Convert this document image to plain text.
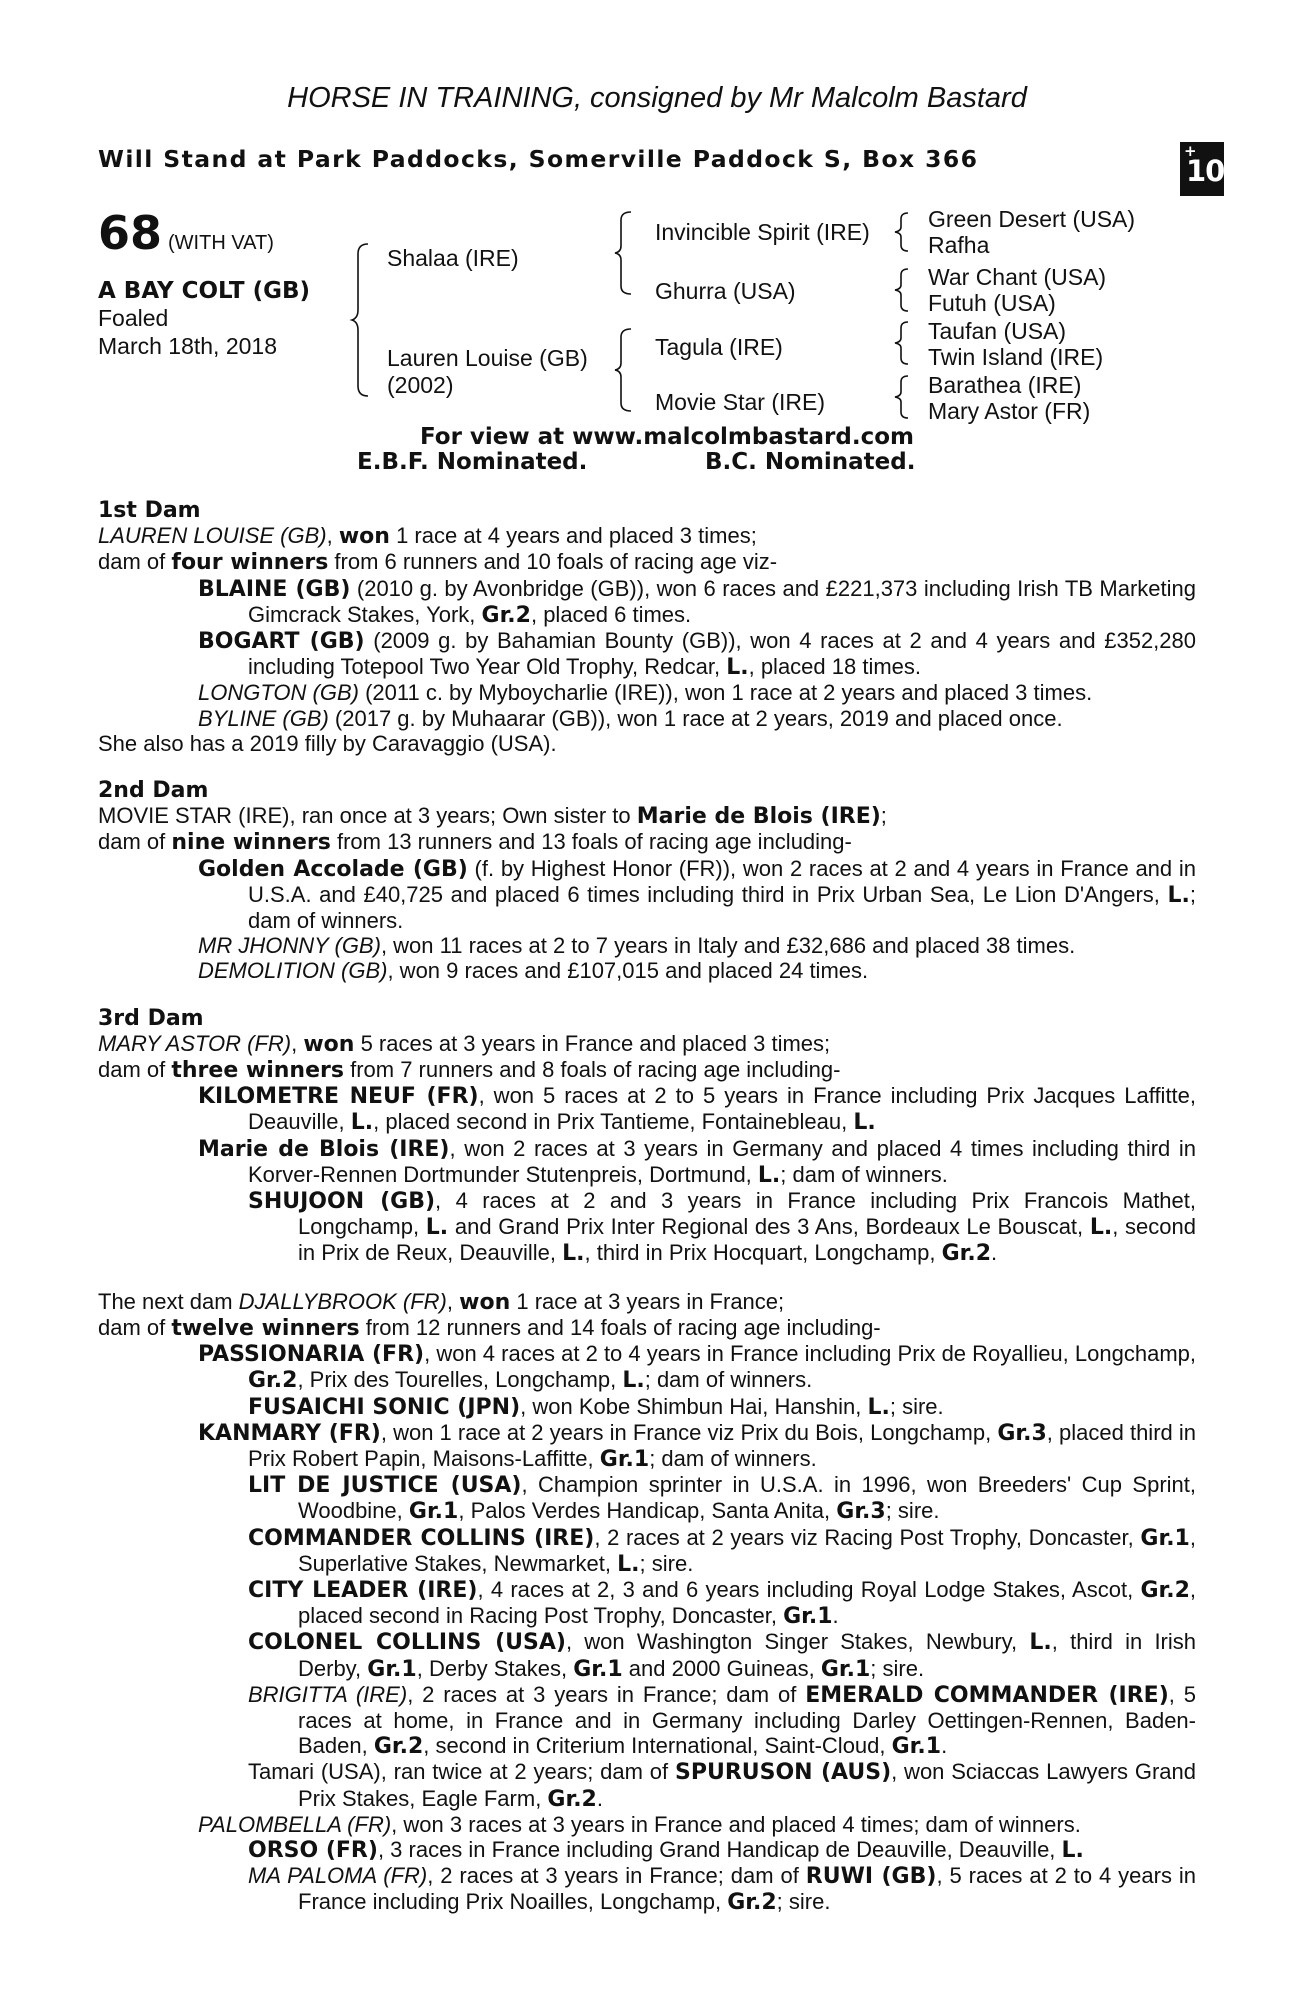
HORSE IN TRAINING, consigned by Mr Malcolm Bastard
Will Stand at Park Paddocks, Somerville Paddock S, Box 366	+
10
68 (WITH VAT)
A BAY COLT (GB)
Foaled
March 18th, 2018
Shalaa (IRE)
Lauren Louise (GB)
(2002)
Invincible Spirit (IRE)
Ghurra (USA)
Tagula (IRE)
Movie Star (IRE)
Green Desert (USA)
Rafha
War Chant (USA)
Futuh (USA)
Taufan (USA)
Twin Island (IRE)
Barathea (IRE)
Mary Astor (FR)
For view at www.malcolmbastard.com
E.B.F. Nominated.	B.C. Nominated.
1st Dam
LAUREN LOUISE (GB), won 1 race at 4 years and placed 3 times;
dam of four winners from 6 runners and 10 foals of racing age viz-
BLAINE (GB) (2010 g. by Avonbridge (GB)), won 6 races and £221,373 including Irish TB Marketing Gimcrack Stakes, York, Gr.2, placed 6 times.
BOGART (GB) (2009 g. by Bahamian Bounty (GB)), won 4 races at 2 and 4 years and £352,280 including Totepool Two Year Old Trophy, Redcar, L., placed 18 times.
LONGTON (GB) (2011 c. by Myboycharlie (IRE)), won 1 race at 2 years and placed 3 times.
BYLINE (GB) (2017 g. by Muhaarar (GB)), won 1 race at 2 years, 2019 and placed once.
She also has a 2019 filly by Caravaggio (USA).
2nd Dam
MOVIE STAR (IRE), ran once at 3 years; Own sister to Marie de Blois (IRE);
dam of nine winners from 13 runners and 13 foals of racing age including-
Golden Accolade (GB) (f. by Highest Honor (FR)), won 2 races at 2 and 4 years in France and in U.S.A. and £40,725 and placed 6 times including third in Prix Urban Sea, Le Lion D'Angers, L.; dam of winners.
MR JHONNY (GB), won 11 races at 2 to 7 years in Italy and £32,686 and placed 38 times.
DEMOLITION (GB), won 9 races and £107,015 and placed 24 times.
3rd Dam
MARY ASTOR (FR), won 5 races at 3 years in France and placed 3 times;
dam of three winners from 7 runners and 8 foals of racing age including-
KILOMETRE NEUF (FR), won 5 races at 2 to 5 years in France including Prix Jacques Laffitte, Deauville, L., placed second in Prix Tantieme, Fontainebleau, L.
Marie de Blois (IRE), won 2 races at 3 years in Germany and placed 4 times including third in Korver-Rennen Dortmunder Stutenpreis, Dortmund, L.; dam of winners.
SHUJOON (GB), 4 races at 2 and 3 years in France including Prix Francois Mathet, Longchamp, L. and Grand Prix Inter Regional des 3 Ans, Bordeaux Le Bouscat, L., second in Prix de Reux, Deauville, L., third in Prix Hocquart, Longchamp, Gr.2.
The next dam DJALLYBROOK (FR), won 1 race at 3 years in France;
dam of twelve winners from 12 runners and 14 foals of racing age including-
PASSIONARIA (FR), won 4 races at 2 to 4 years in France including Prix de Royallieu, Longchamp, Gr.2, Prix des Tourelles, Longchamp, L.; dam of winners.
FUSAICHI SONIC (JPN), won Kobe Shimbun Hai, Hanshin, L.; sire.
KANMARY (FR), won 1 race at 2 years in France viz Prix du Bois, Longchamp, Gr.3, placed third in Prix Robert Papin, Maisons-Laffitte, Gr.1; dam of winners.
LIT DE JUSTICE (USA), Champion sprinter in U.S.A. in 1996, won Breeders' Cup Sprint, Woodbine, Gr.1, Palos Verdes Handicap, Santa Anita, Gr.3; sire.
COMMANDER COLLINS (IRE), 2 races at 2 years viz Racing Post Trophy, Doncaster, Gr.1, Superlative Stakes, Newmarket, L.; sire.
CITY LEADER (IRE), 4 races at 2, 3 and 6 years including Royal Lodge Stakes, Ascot, Gr.2, placed second in Racing Post Trophy, Doncaster, Gr.1.
COLONEL COLLINS (USA), won Washington Singer Stakes, Newbury, L., third in Irish Derby, Gr.1, Derby Stakes, Gr.1 and 2000 Guineas, Gr.1; sire.
BRIGITTA (IRE), 2 races at 3 years in France; dam of EMERALD COMMANDER (IRE), 5 races at home, in France and in Germany including Darley Oettingen-Rennen, Baden-Baden, Gr.2, second in Criterium International, Saint-Cloud, Gr.1.
Tamari (USA), ran twice at 2 years; dam of SPURUSON (AUS), won Sciaccas Lawyers Grand Prix Stakes, Eagle Farm, Gr.2.
PALOMBELLA (FR), won 3 races at 3 years in France and placed 4 times; dam of winners.
ORSO (FR), 3 races in France including Grand Handicap de Deauville, Deauville, L.
MA PALOMA (FR), 2 races at 3 years in France; dam of RUWI (GB), 5 races at 2 to 4 years in France including Prix Noailles, Longchamp, Gr.2; sire.
